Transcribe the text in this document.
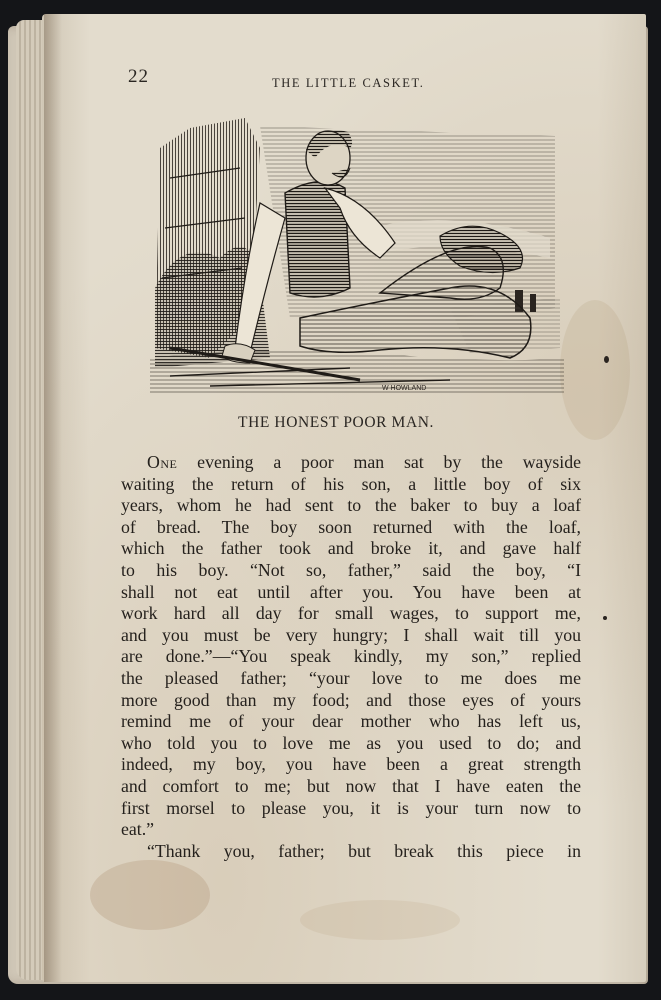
22	THE LITTLE CASKET.
W HOWLAND
THE HONEST POOR MAN.
One evening a poor man sat by the wayside
waiting the return of his son, a little boy of six
years, whom he had sent to the baker to buy a loaf
of bread. The boy soon returned with the loaf,
which the father took and broke it, and gave half
to his boy. “Not so, father,” said the boy, “I
shall not eat until after you. You have been at
work hard all day for small wages, to support me,
and you must be very hungry; I shall wait till you
are done.”—“You speak kindly, my son,” replied
the pleased father; “your love to me does me
more good than my food; and those eyes of yours
remind me of your dear mother who has left us,
who told you to love me as you used to do; and
indeed, my boy, you have been a great strength
and comfort to me; but now that I have eaten the
first morsel to please you, it is your turn now to
eat.”
“Thank you, father; but break this piece in
